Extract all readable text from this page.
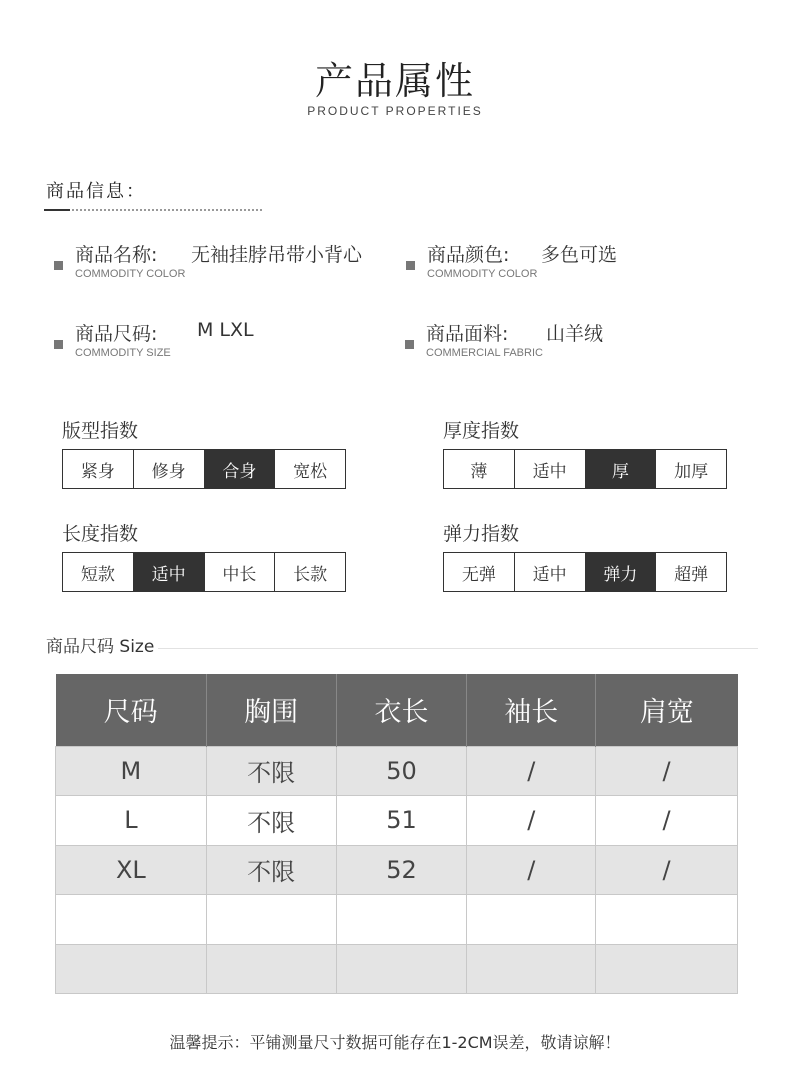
产品属性
PRODUCT PROPERTIES
商品信息：
商品名称:
COMMODITY COLOR
无袖挂脖吊带小背心	商品颜色:
COMMODITY COLOR
多色可选
商品尺码:
COMMODITY SIZE
M LXL	商品面料:
COMMERCIAL FABRIC
山羊绒
版型指数
紧身	修身	合身	宽松
厚度指数
薄	适中	厚	加厚
长度指数
短款	适中	中长	长款
弹力指数
无弹	适中	弹力	超弹
商品尺码 Size
尺码	胸围	衣长	袖长	肩宽
M	不限	50	/	/
L	不限	51	/	/
XL	不限	52	/	/

温馨提示：平铺测量尺寸数据可能存在1-2CM误差，敬请谅解！
